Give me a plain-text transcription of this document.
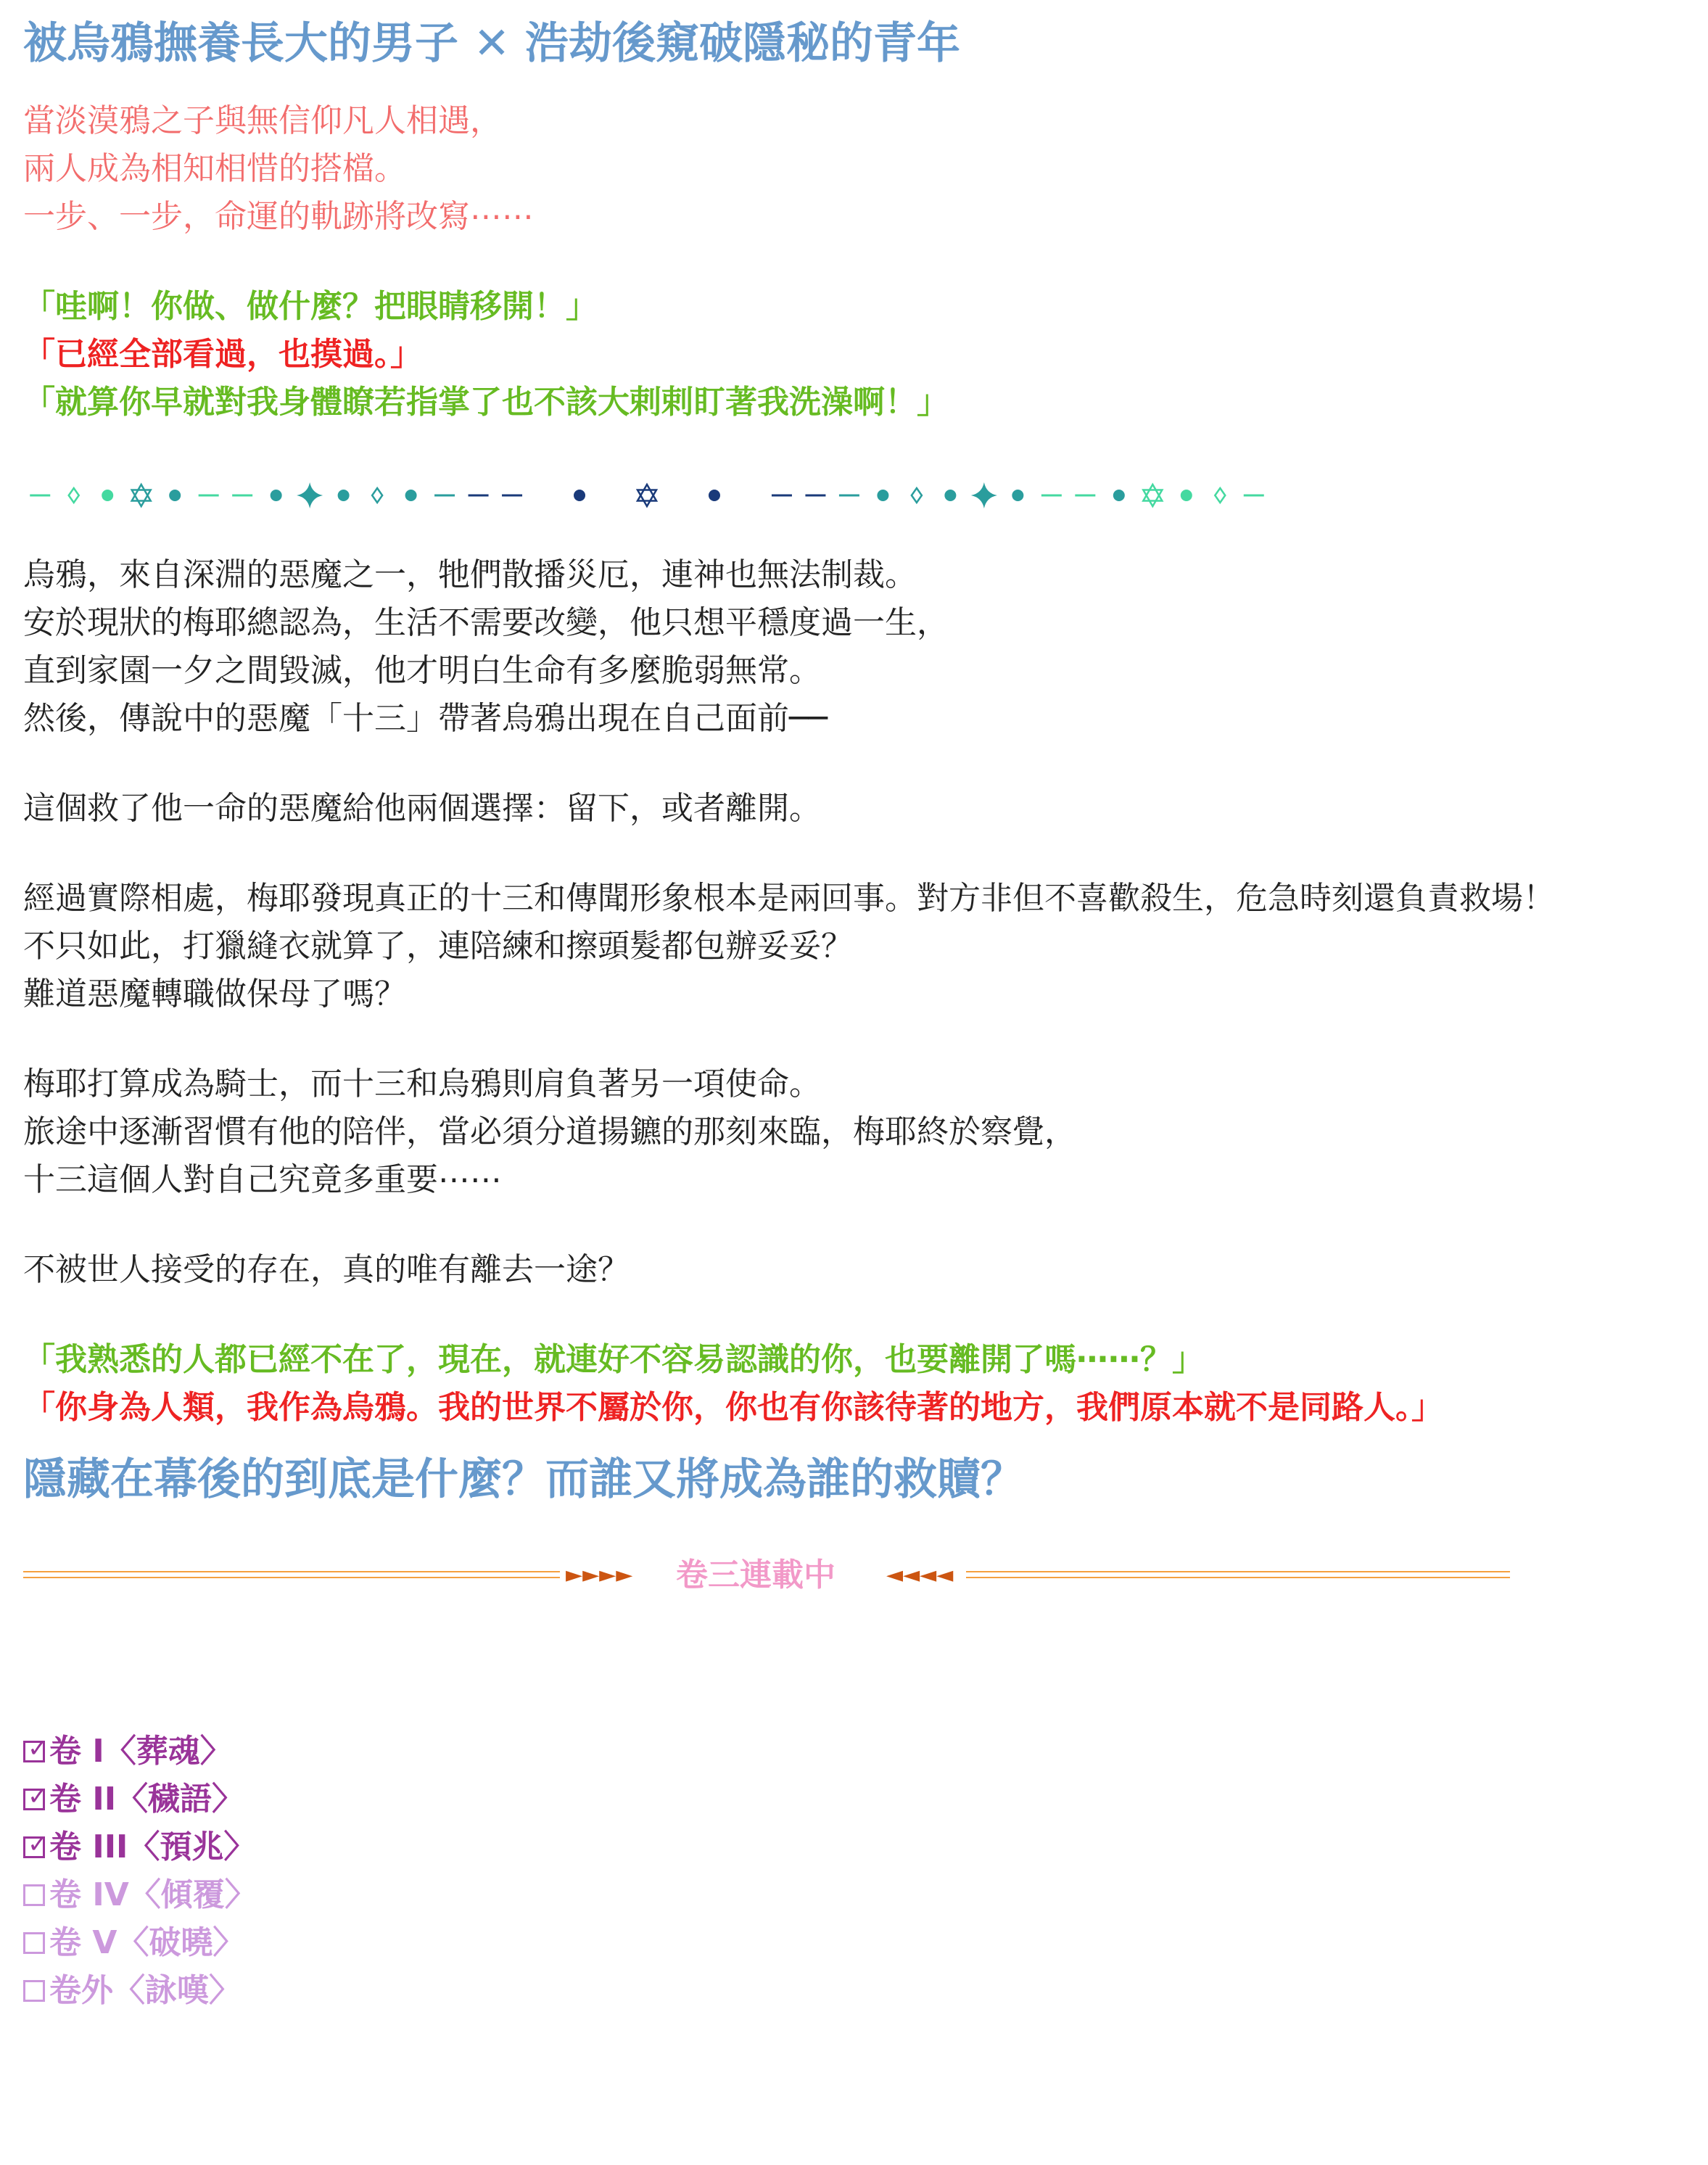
被烏鴉撫養長大的男子 ✕ 浩劫後窺破隱秘的青年
當淡漠鴉之子與無信仰凡人相遇，
兩人成為相知相惜的搭檔。
一步、一步，命運的軌跡將改寫⋯⋯
「哇啊！你做、做什麼？把眼睛移開！」
「已經全部看過，也摸過。」
「就算你早就對我身體瞭若指掌了也不該大剌剌盯著我洗澡啊！」
烏鴉，來自深淵的惡魔之一，牠們散播災厄，連神也無法制裁。
安於現狀的梅耶總認為，生活不需要改變，他只想平穩度過一生，
直到家園一夕之間毀滅，他才明白生命有多麼脆弱無常。
然後，傳說中的惡魔「十三」帶著烏鴉出現在自己面前──
這個救了他一命的惡魔給他兩個選擇：留下，或者離開。
經過實際相處，梅耶發現真正的十三和傳聞形象根本是兩回事。對方非但不喜歡殺生，危急時刻還負責救場！
不只如此，打獵縫衣就算了，連陪練和擦頭髮都包辦妥妥？
難道惡魔轉職做保母了嗎？
梅耶打算成為騎士，而十三和烏鴉則肩負著另一項使命。
旅途中逐漸習慣有他的陪伴，當必須分道揚鑣的那刻來臨，梅耶終於察覺，
十三這個人對自己究竟多重要⋯⋯
不被世人接受的存在，真的唯有離去一途？
「我熟悉的人都已經不在了，現在，就連好不容易認識的你，也要離開了嗎⋯⋯？」
「你身為人類，我作為烏鴉。我的世界不屬於你，你也有你該待著的地方，我們原本就不是同路人。」
隱藏在幕後的到底是什麼？而誰又將成為誰的救贖？
►►►► 卷三連載中 ◄◄◄◄
✓ 卷 I〈葬魂〉
✓ 卷 II〈穢語〉
✓ 卷 III〈預兆〉
卷 IV〈傾覆〉
卷 V〈破曉〉
卷外〈詠嘆〉
